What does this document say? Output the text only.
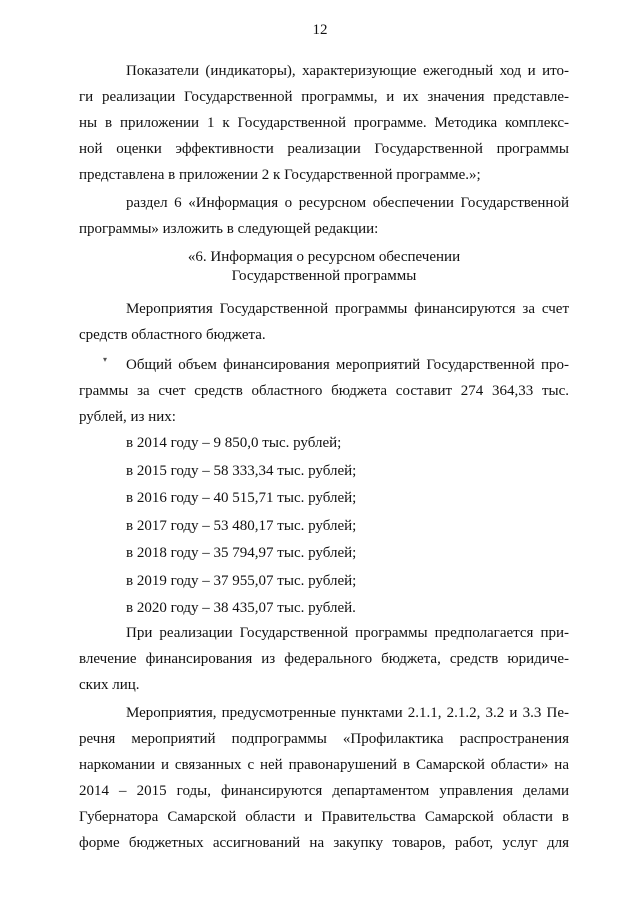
12
Показатели (индикаторы), характеризующие ежегодный ход и ито-
ги реализации Государственной программы, и их значения представле-
ны в приложении 1 к Государственной программе. Методика комплекс-
ной оценки эффективности реализации Государственной программы
представлена в приложении 2 к Государственной программе.»;
раздел 6 «Информация о ресурсном обеспечении Государственной
программы» изложить в следующей редакции:
«6. Информация о ресурсном обеспечении
Государственной программы
Мероприятия Государственной программы финансируются за счет
средств областного бюджета.
Общий объем финансирования мероприятий Государственной про-
граммы за счет средств областного бюджета составит 274 364,33 тыс.
рублей, из них:
▾
в 2014 году – 9 850,0 тыс. рублей;
в 2015 году – 58 333,34 тыс. рублей;
в 2016 году – 40 515,71 тыс. рублей;
в 2017 году – 53 480,17 тыс. рублей;
в 2018 году – 35 794,97 тыс. рублей;
в 2019 году – 37 955,07 тыс. рублей;
в 2020 году – 38 435,07 тыс. рублей.
При реализации Государственной программы предполагается при-
влечение финансирования из федерального бюджета, средств юридиче-
ских лиц.
Мероприятия, предусмотренные пунктами 2.1.1, 2.1.2, 3.2 и 3.3 Пе-
речня мероприятий подпрограммы «Профилактика распространения
наркомании и связанных с ней правонарушений в Самарской области» на
2014 – 2015 годы, финансируются департаментом управления делами
Губернатора Самарской области и Правительства Самарской области в
форме бюджетных ассигнований на закупку товаров, работ, услуг для
